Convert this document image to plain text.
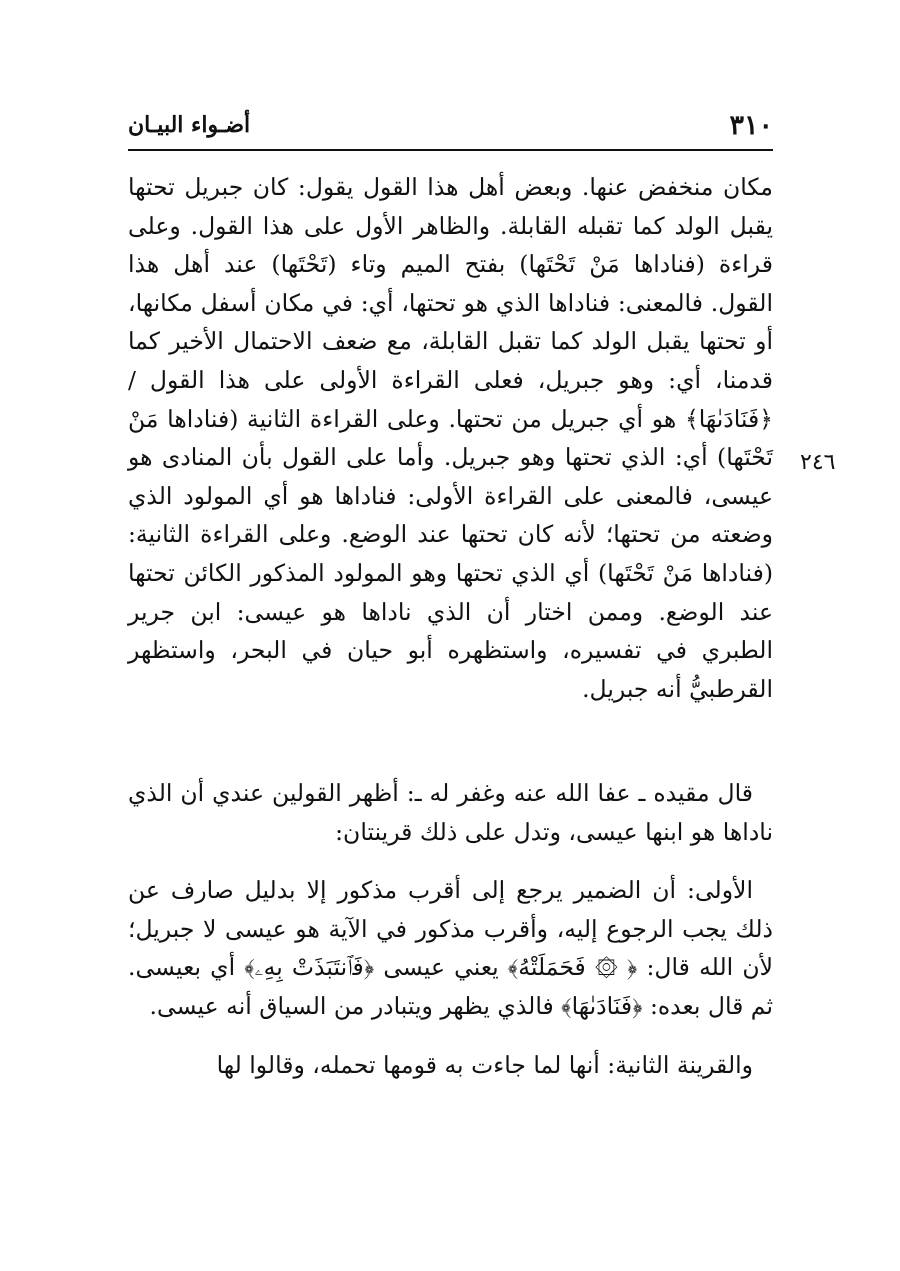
٣١٠
أضـواء البيـان
٢٤٦

مكان منخفض عنها. وبعض أهل هذا القول يقول: كان جبريل تحتها يقبل الولد كما تقبله القابلة. والظاهر الأول على هذا القول. وعلى قراءة (فناداها مَنْ تَحْتَها) بفتح الميم وتاء (تَحْتَها) عند أهل هذا القول. فالمعنى: فناداها الذي هو تحتها، أي: في مكان أسفل مكانها، أو تحتها يقبل الولد كما تقبل القابلة، مع ضعف الاحتمال الأخير كما قدمنا، أي: وهو جبريل، فعلى القراءة الأولى على هذا القول / ﴿فَنَادَىٰهَا﴾ هو أي جبريل من تحتها. وعلى القراءة الثانية (فناداها مَنْ تَحْتَها) أي: الذي تحتها وهو جبريل. وأما على القول بأن المنادى هو عيسى، فالمعنى على القراءة الأولى: فناداها هو أي المولود الذي وضعته من تحتها؛ لأنه كان تحتها عند الوضع. وعلى القراءة الثانية: (فناداها مَنْ تَحْتَها) أي الذي تحتها وهو المولود المذكور الكائن تحتها عند الوضع. وممن اختار أن الذي ناداها هو عيسى: ابن جرير الطبري في تفسيره، واستظهره أبو حيان في البحر، واستظهر القرطبيُّ أنه جبريل.

قال مقيده ـ عفا الله عنه وغفر له ـ: أظهر القولين عندي أن الذي ناداها هو ابنها عيسى، وتدل على ذلك قرينتان:

الأولى: أن الضمير يرجع إلى أقرب مذكور إلا بدليل صارف عن ذلك يجب الرجوع إليه، وأقرب مذكور في الآية هو عيسى لا جبريل؛ لأن الله قال: ﴿ ۞ فَحَمَلَتْهُ﴾ يعني عيسى ﴿فَٱنتَبَذَتْ بِهِۦ﴾ أي بعيسى. ثم قال بعده: ﴿فَنَادَىٰهَا﴾ فالذي يظهر ويتبادر من السياق أنه عيسى.

والقرينة الثانية: أنها لما جاءت به قومها تحمله، وقالوا لها
